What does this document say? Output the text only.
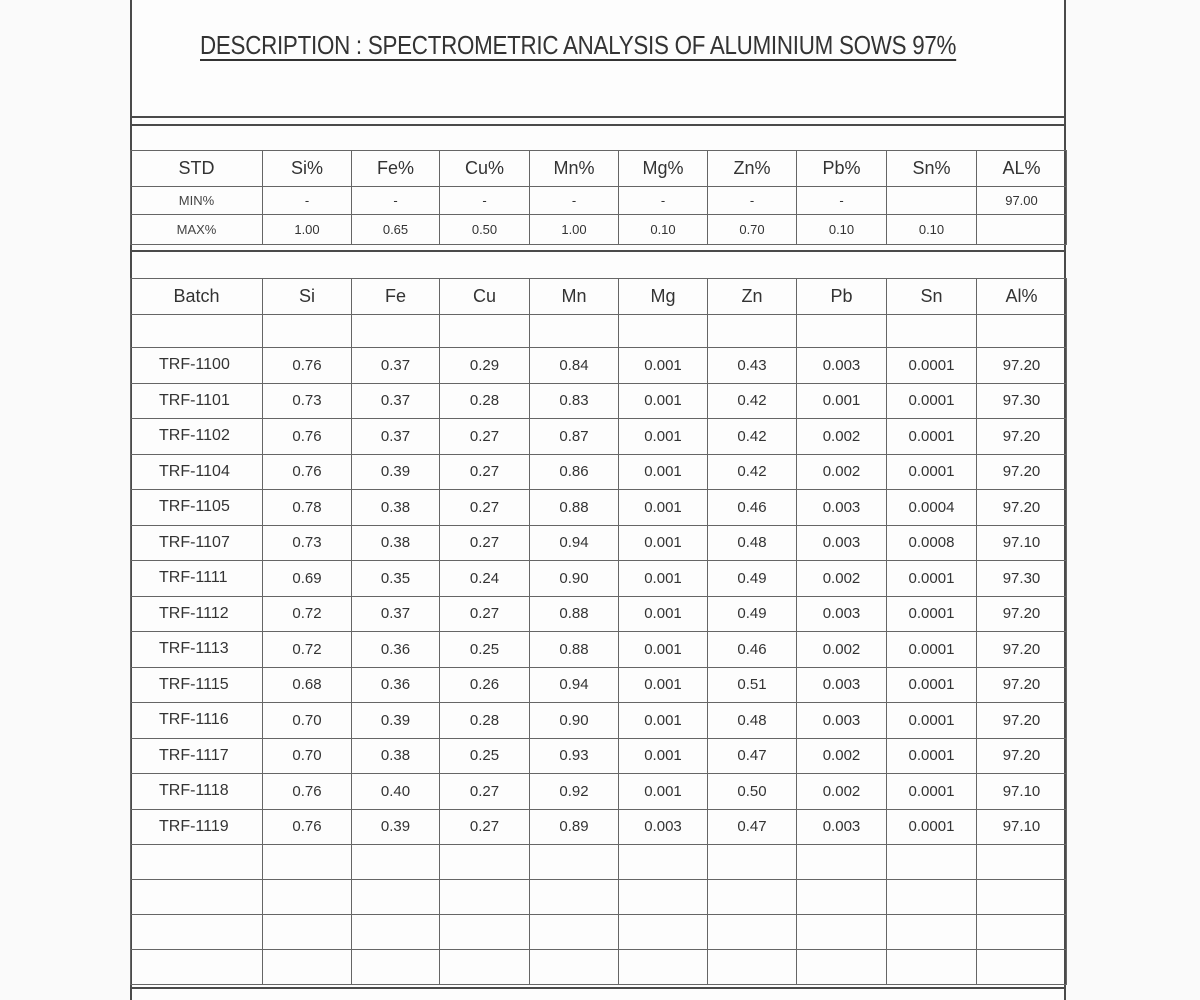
DESCRIPTION : SPECTROMETRIC ANALYSIS OF ALUMINIUM SOWS 97%
STD	Si%	Fe%	Cu%	Mn%	Mg%	Zn%	Pb%	Sn%	AL%
MIN%	-	-	-	-	-	-	-		97.00
MAX%	1.00	0.65	0.50	1.00	0.10	0.70	0.10	0.10	
Batch	Si	Fe	Cu	Mn	Mg	Zn	Pb	Sn	Al%

TRF-1100	0.76	0.37	0.29	0.84	0.001	0.43	0.003	0.0001	97.20
TRF-1101	0.73	0.37	0.28	0.83	0.001	0.42	0.001	0.0001	97.30
TRF-1102	0.76	0.37	0.27	0.87	0.001	0.42	0.002	0.0001	97.20
TRF-1104	0.76	0.39	0.27	0.86	0.001	0.42	0.002	0.0001	97.20
TRF-1105	0.78	0.38	0.27	0.88	0.001	0.46	0.003	0.0004	97.20
TRF-1107	0.73	0.38	0.27	0.94	0.001	0.48	0.003	0.0008	97.10
TRF-1111	0.69	0.35	0.24	0.90	0.001	0.49	0.002	0.0001	97.30
TRF-1112	0.72	0.37	0.27	0.88	0.001	0.49	0.003	0.0001	97.20
TRF-1113	0.72	0.36	0.25	0.88	0.001	0.46	0.002	0.0001	97.20
TRF-1115	0.68	0.36	0.26	0.94	0.001	0.51	0.003	0.0001	97.20
TRF-1116	0.70	0.39	0.28	0.90	0.001	0.48	0.003	0.0001	97.20
TRF-1117	0.70	0.38	0.25	0.93	0.001	0.47	0.002	0.0001	97.20
TRF-1118	0.76	0.40	0.27	0.92	0.001	0.50	0.002	0.0001	97.10
TRF-1119	0.76	0.39	0.27	0.89	0.003	0.47	0.003	0.0001	97.10
